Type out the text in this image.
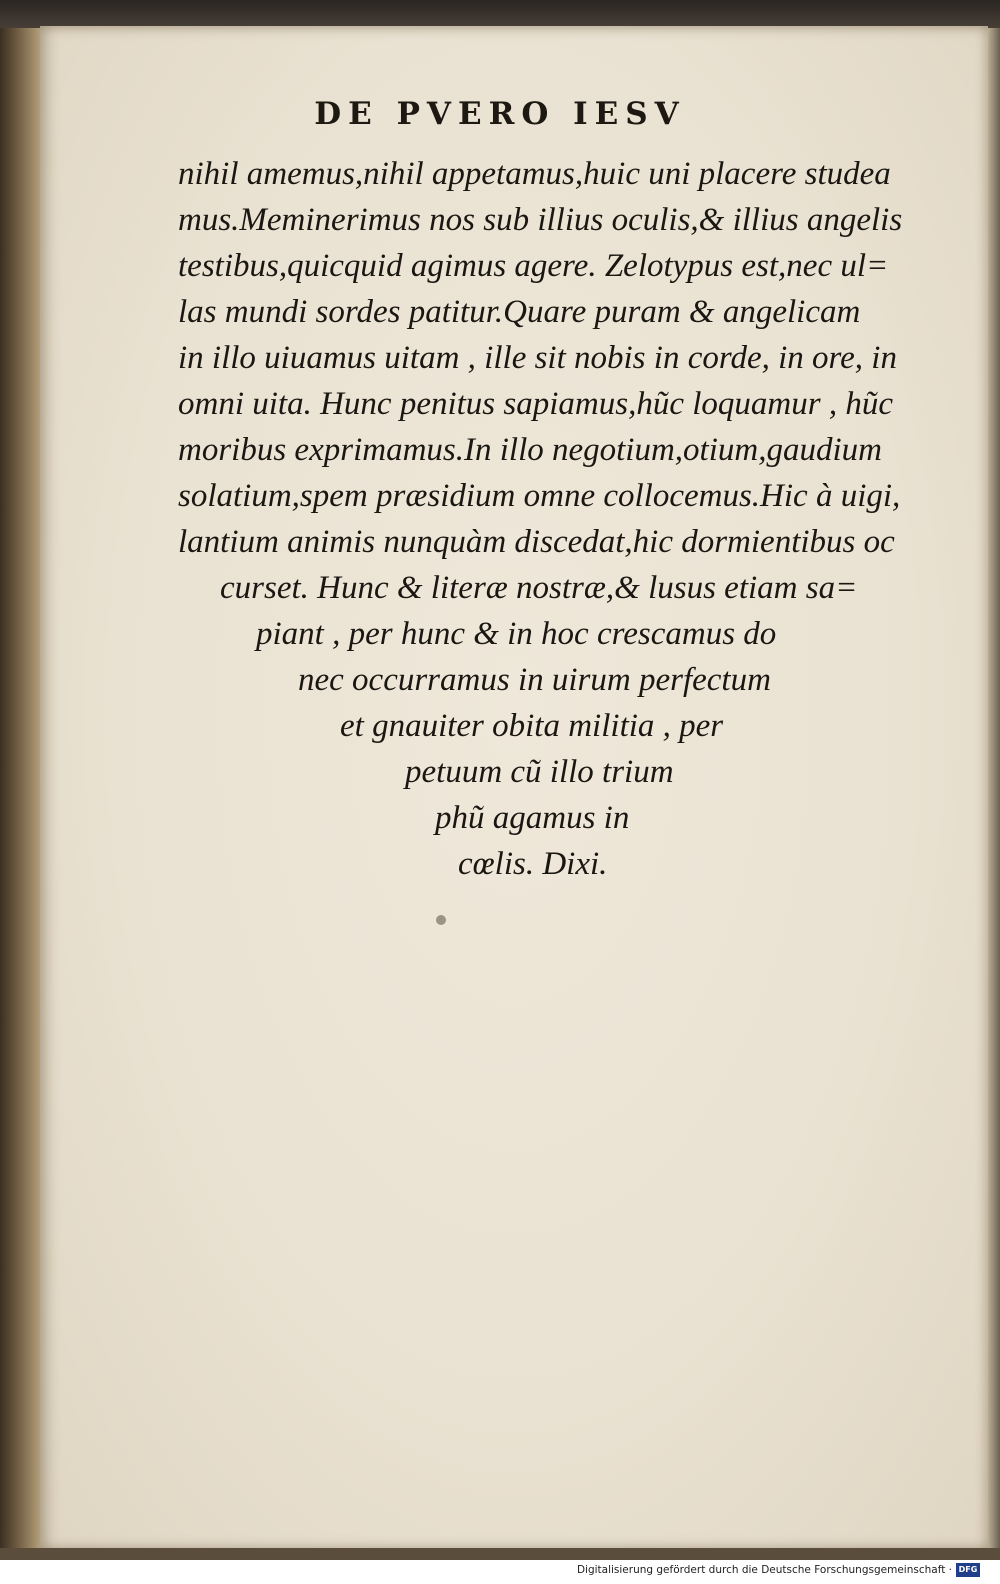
DE PVERO IESV
nihil amemus,nihil appetamus,huic uni placere studea
mus.Meminerimus nos sub illius oculis,& illius angelis
testibus,quicquid agimus agere. Zelotypus est,nec ul=
las mundi sordes patitur.Quare puram & angelicam
in illo uiuamus uitam , ille sit nobis in corde, in ore, in
omni uita. Hunc penitus sapiamus,hũc loquamur , hũc
moribus exprimamus.In illo negotium,otium,gaudium
solatium,spem præsidium omne collocemus.Hic à uigi,
lantium animis nunquàm discedat,hic dormientibus oc
curset. Hunc & literæ nostræ,& lusus etiam sa=
piant , per hunc & in hoc crescamus do
nec occurramus in uirum perfectum
et gnauiter obita militia , per
petuum cũ illo trium
phũ agamus in
cœlis. Dixi.
Digitalisierung gefördert durch die Deutsche Forschungsgemeinschaft · DFG
